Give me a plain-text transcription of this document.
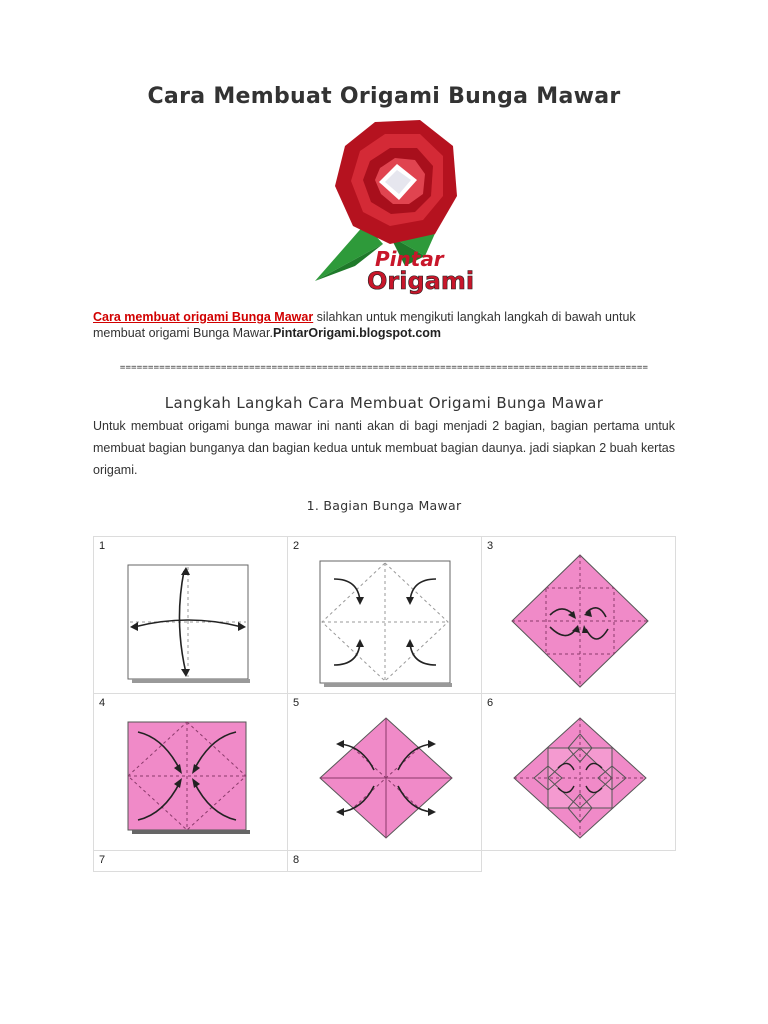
Cara Membuat Origami Bunga Mawar
Pintar
Origami
Cara membuat origami Bunga Mawar silahkan untuk mengikuti langkah langkah di bawah untuk membuat origami Bunga Mawar.PintarOrigami.blogspot.com
==============================================================================================
Langkah Langkah Cara Membuat Origami Bunga Mawar
Untuk membuat origami bunga mawar ini nanti akan di bagi menjadi 2 bagian, bagian pertama untuk membuat bagian bunganya dan bagian kedua untuk membuat bagian daunya. jadi siapkan 2 buah kertas origami.
1. Bagian Bunga Mawar
1	2	3
4	5	6
7	8
